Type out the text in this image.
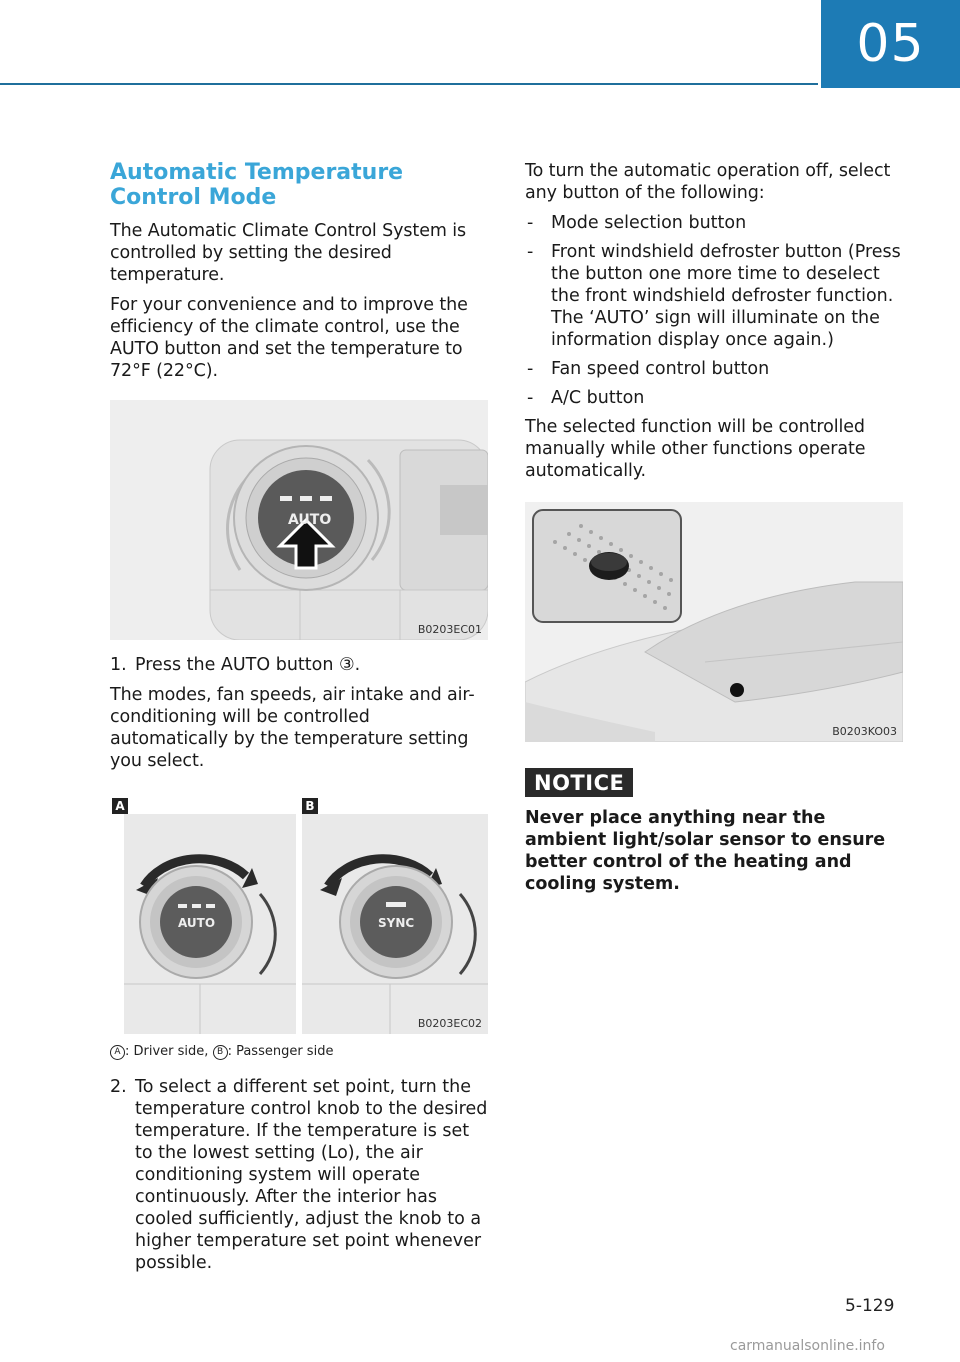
05
Automatic Temperature Control Mode

The Automatic Climate Control System is controlled by setting the desired temperature.

For your convenience and to improve the efficiency of the climate control, use the AUTO button and set the temperature to 72°F (22°C).

AUTO
B0203EC01
1. Press the AUTO button ③.

The modes, fan speeds, air intake and air-conditioning will be controlled automatically by the temperature setting you select.

A	B
AUTO	SYNC
B0203EC02
A : Driver side, B : Passenger side
2. To select a different set point, turn the temperature control knob to the desired temperature. If the temperature is set to the lowest setting (Lo), the air conditioning system will operate continuously. After the interior has cooled sufficiently, adjust the knob to a higher temperature set point whenever possible.

To turn the automatic operation off, select any button of the following:

-	Mode selection button
-	Front windshield defroster button (Press the button one more time to deselect the front windshield defroster function. The ‘AUTO’ sign will illuminate on the information display once again.)
-	Fan speed control button
-	A/C button

The selected function will be controlled manually while other functions operate automatically.

B0203KO03
NOTICE

Never place anything near the ambient light/solar sensor to ensure better control of the heating and cooling system.

5-129
carmanualsonline.info
